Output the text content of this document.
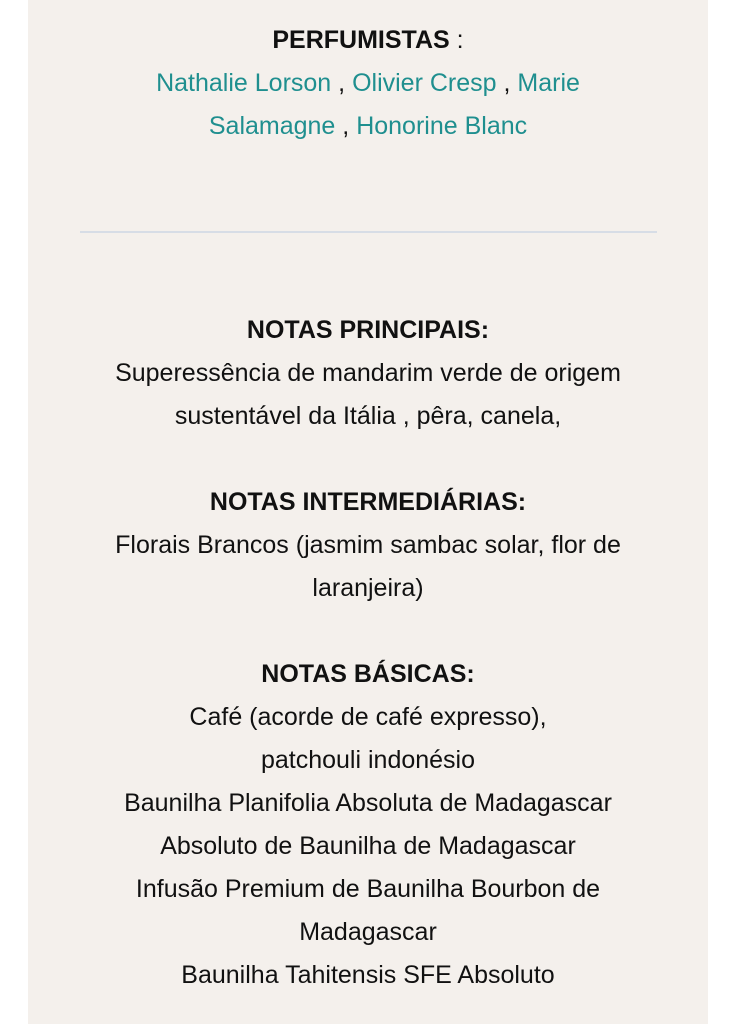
PERFUMISTAS :
Nathalie Lorson , Olivier Cresp , Marie
Salamagne , Honorine Blanc

NOTAS PRINCIPAIS:

Superessência de mandarim verde de origem

sustentável da Itália , pêra, canela,

NOTAS INTERMEDIÁRIAS:

Florais Brancos (jasmim sambac solar, flor de

laranjeira)

NOTAS BÁSICAS:

Café (acorde de café expresso),

patchouli indonésio

Baunilha Planifolia Absoluta de Madagascar

Absoluto de Baunilha de Madagascar

Infusão Premium de Baunilha Bourbon de

Madagascar

Baunilha Tahitensis SFE Absoluto
